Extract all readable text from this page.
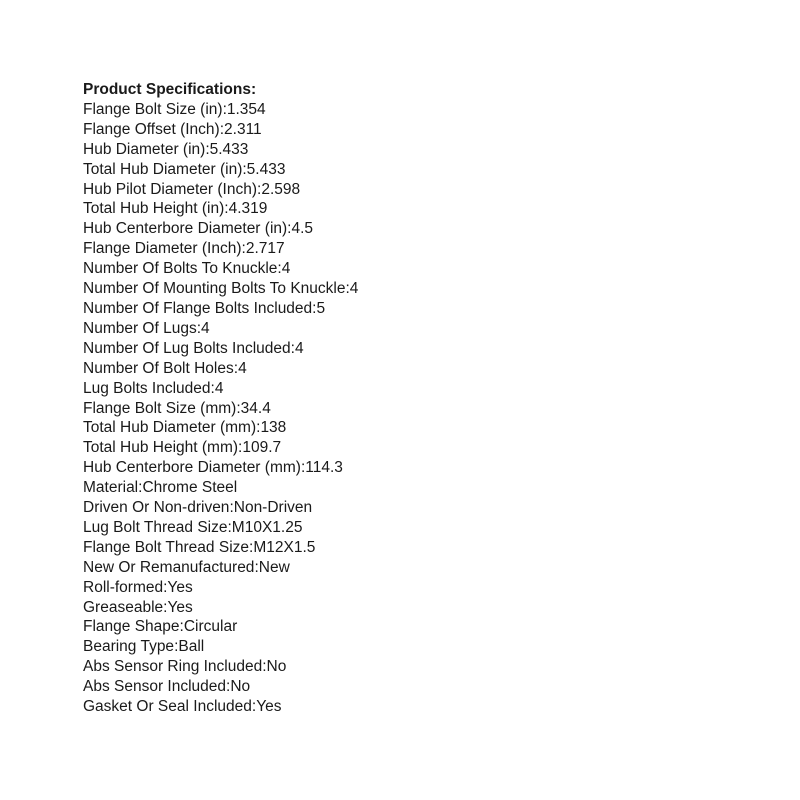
Product Specifications:
Flange Bolt Size (in):1.354
Flange Offset (Inch):2.311
Hub Diameter (in):5.433
Total Hub Diameter (in):5.433
Hub Pilot Diameter (Inch):2.598
Total Hub Height (in):4.319
Hub Centerbore Diameter (in):4.5
Flange Diameter (Inch):2.717
Number Of Bolts To Knuckle:4
Number Of Mounting Bolts To Knuckle:4
Number Of Flange Bolts Included:5
Number Of Lugs:4
Number Of Lug Bolts Included:4
Number Of Bolt Holes:4
Lug Bolts Included:4
Flange Bolt Size (mm):34.4
Total Hub Diameter (mm):138
Total Hub Height (mm):109.7
Hub Centerbore Diameter (mm):114.3
Material:Chrome Steel
Driven Or Non-driven:Non-Driven
Lug Bolt Thread Size:M10X1.25
Flange Bolt Thread Size:M12X1.5
New Or Remanufactured:New
Roll-formed:Yes
Greaseable:Yes
Flange Shape:Circular
Bearing Type:Ball
Abs Sensor Ring Included:No
Abs Sensor Included:No
Gasket Or Seal Included:Yes
